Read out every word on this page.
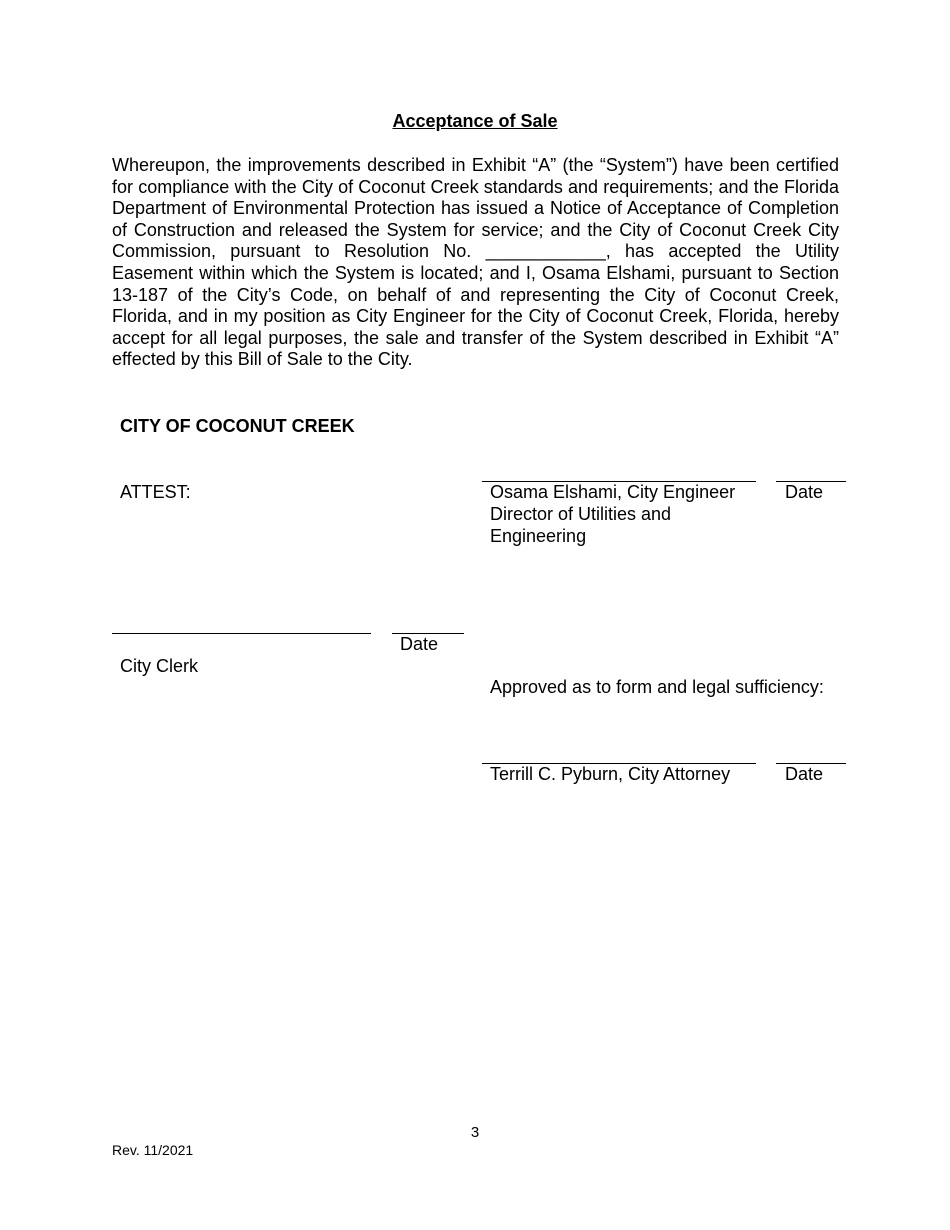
Acceptance of Sale

Whereupon, the improvements described in Exhibit “A” (the “System”) have been certified for compliance with the City of Coconut Creek standards and requirements; and the Florida Department of Environmental Protection has issued a Notice of Acceptance of Completion of Construction and released the System for service; and the City of Coconut Creek City Commission, pursuant to Resolution No. ____________, has accepted the Utility Easement within which the System is located; and I, Osama Elshami, pursuant to Section 13-187 of the City’s Code, on behalf of and representing the City of Coconut Creek, Florida, and in my position as City Engineer for the City of Coconut Creek, Florida, hereby accept for all legal purposes, the sale and transfer of the System described in Exhibit “A” effected by this Bill of Sale to the City.

CITY OF COCONUT CREEK
ATTEST:	Osama Elshami, City Engineer
Director of Utilities and
Engineering
Date
Date
City Clerk
Approved as to form and legal sufficiency:
Terrill C. Pyburn, City Attorney	Date
3
Rev. 11/2021
